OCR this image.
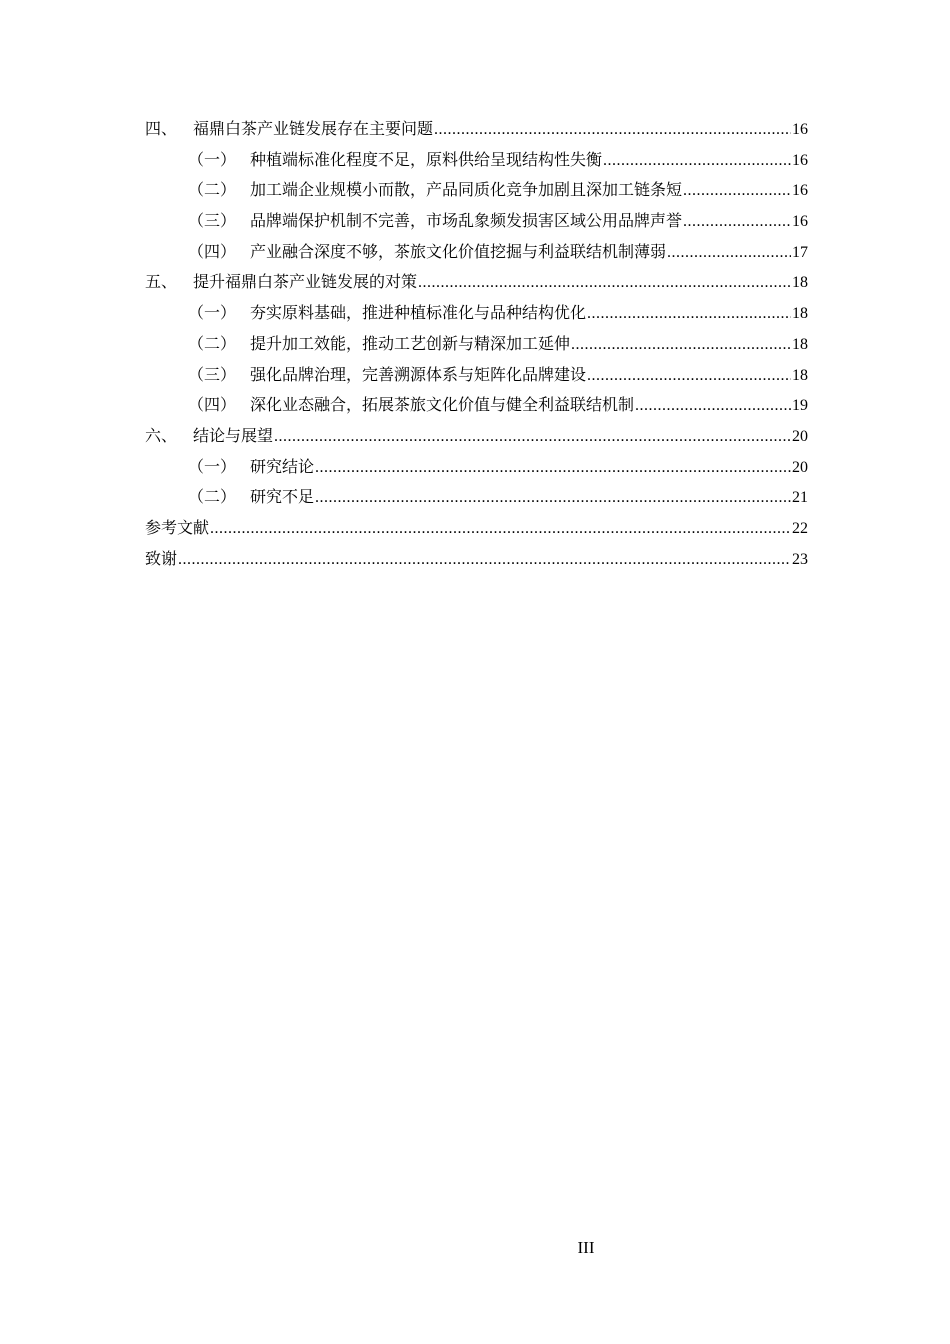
四、 福鼎白茶产业链发展存在主要问题 .....	16
（一） 种植端标准化程度不足，原料供给呈现结构性失衡 .....	16
（二） 加工端企业规模小而散，产品同质化竞争加剧且深加工链条短 .....	16
（三） 品牌端保护机制不完善，市场乱象频发损害区域公用品牌声誉 .....	16
（四） 产业融合深度不够，茶旅文化价值挖掘与利益联结机制薄弱 .....	17
五、 提升福鼎白茶产业链发展的对策 .....	18
（一） 夯实原料基础，推进种植标准化与品种结构优化 .....	18
（二） 提升加工效能，推动工艺创新与精深加工延伸 .....	18
（三） 强化品牌治理，完善溯源体系与矩阵化品牌建设 .....	18
（四） 深化业态融合，拓展茶旅文化价值与健全利益联结机制 .....	19
六、 结论与展望 .....	20
（一） 研究结论 .....	20
（二） 研究不足 .....	21
参考文献 .....	22
致谢 .....	23
III
